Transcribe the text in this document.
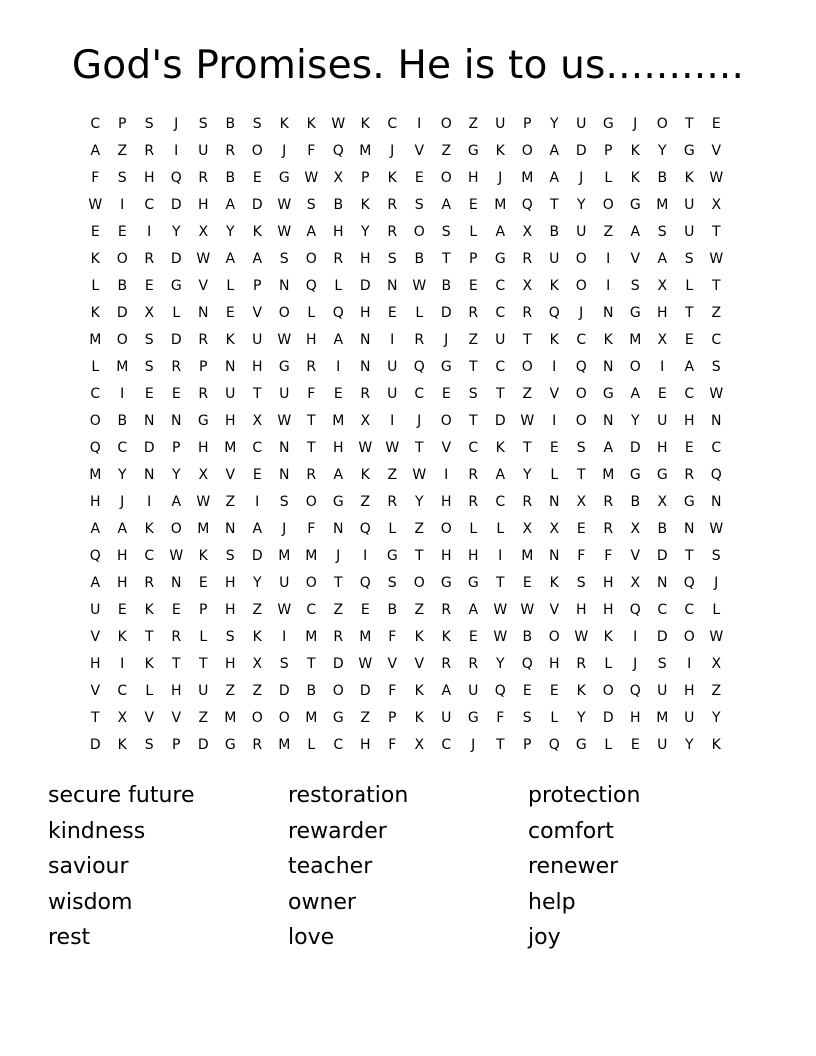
God's Promises. He is to us...........
C	P	S	J	S	B	S	K	K	W	K	C	I	O	Z	U	P	Y	U	G	J	O	T	E
A	Z	R	I	U	R	O	J	F	Q	M	J	V	Z	G	K	O	A	D	P	K	Y	G	V
F	S	H	Q	R	B	E	G	W	X	P	K	E	O	H	J	M	A	J	L	K	B	K	W
W	I	C	D	H	A	D	W	S	B	K	R	S	A	E	M	Q	T	Y	O	G	M	U	X
E	E	I	Y	X	Y	K	W	A	H	Y	R	O	S	L	A	X	B	U	Z	A	S	U	T
K	O	R	D	W	A	A	S	O	R	H	S	B	T	P	G	R	U	O	I	V	A	S	W
L	B	E	G	V	L	P	N	Q	L	D	N	W	B	E	C	X	K	O	I	S	X	L	T
K	D	X	L	N	E	V	O	L	Q	H	E	L	D	R	C	R	Q	J	N	G	H	T	Z
M	O	S	D	R	K	U	W	H	A	N	I	R	J	Z	U	T	K	C	K	M	X	E	C
L	M	S	R	P	N	H	G	R	I	N	U	Q	G	T	C	O	I	Q	N	O	I	A	S
C	I	E	E	R	U	T	U	F	E	R	U	C	E	S	T	Z	V	O	G	A	E	C	W
O	B	N	N	G	H	X	W	T	M	X	I	J	O	T	D	W	I	O	N	Y	U	H	N
Q	C	D	P	H	M	C	N	T	H	W W	T	V	C	K	T	E	S	A	D	H	E	C
M	Y	N	Y	X	V	E	N	R	A	K	Z	W	I	R	A	Y	L	T	M	G	G	R	Q
H	J	I	A	W	Z	I	S	O	G	Z	R	Y	H	R	C	R	N	X	R	B	X	G	N
A	A	K	O	M	N	A	J	F	N	Q	L	Z	O	L	L	X	X	E	R	X	B	N	W
Q	H	C	W	K	S	D	M	M	J	I	G	T	H	H	I	M	N	F	F	V	D	T	S
A	H	R	N	E	H	Y	U	O	T	Q	S	O	G	G	T	E	K	S	H	X	N	Q	J
U	E	K	E	P	H	Z	W	C	Z	E	B	Z	R	A	W W	V	H	H	Q	C	C	L
V	K	T	R	L	S	K	I	M	R	M	F	K	K	E	W	B	O	W	K	I	D	O	W
H	I	K	T	T	H	X	S	T	D	W	V	V	R	R	Y	Q	H	R	L	J	S	I	X
V	C	L	H	U	Z	Z	D	B	O	D	F	K	A	U	Q	E	E	K	O	Q	U	H	Z
T	X	V	V	Z	M	O	O	M	G	Z	P	K	U	G	F	S	L	Y	D	H	M	U	Y
D	K	S	P	D	G	R	M	L	C	H	F	X	C	J	T	P	Q	G	L	E	U	Y	K
secure future	restoration	protection
kindness	rewarder	comfort
saviour	teacher	renewer
wisdom	owner	help
rest	love	joy
